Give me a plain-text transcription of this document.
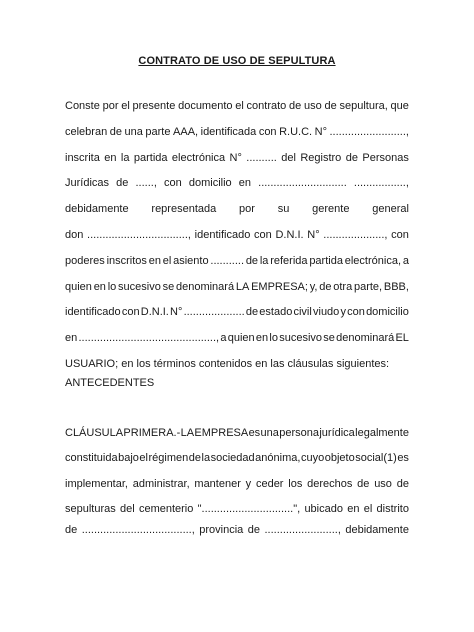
CONTRATO DE USO DE SEPULTURA
Conste por el presente documento el contrato de uso de sepultura, que
celebran de una parte AAA, identificada con R.U.C. N° .........................,
inscrita en la partida electrónica N° .......... del Registro de Personas
Jurídicas de ......, con domicilio en ............................. .................,
debidamente representada por su gerente general
don ................................., identificado con D.N.I. N° ...................., con
poderes inscritos en el asiento ........... de la referida partida electrónica, a
quien en lo sucesivo se denominará LA EMPRESA; y, de otra parte, BBB,
identificado con D.N.I. N° .................... de estado civil viudo y con domicilio
en ............................................., a quien en lo sucesivo se denominará EL
USUARIO; en los términos contenidos en las cláusulas siguientes:
ANTECEDENTES
CLÁUSULA PRIMERA.- LA EMPRESA es una persona jurídica legalmente
constituida bajo el régimen de la sociedad anónima, cuyo objeto social(1) es
implementar, administrar, mantener y ceder los derechos de uso de
sepulturas del cementerio "..............................", ubicado en el distrito
de ...................................., provincia de ........................, debidamente
